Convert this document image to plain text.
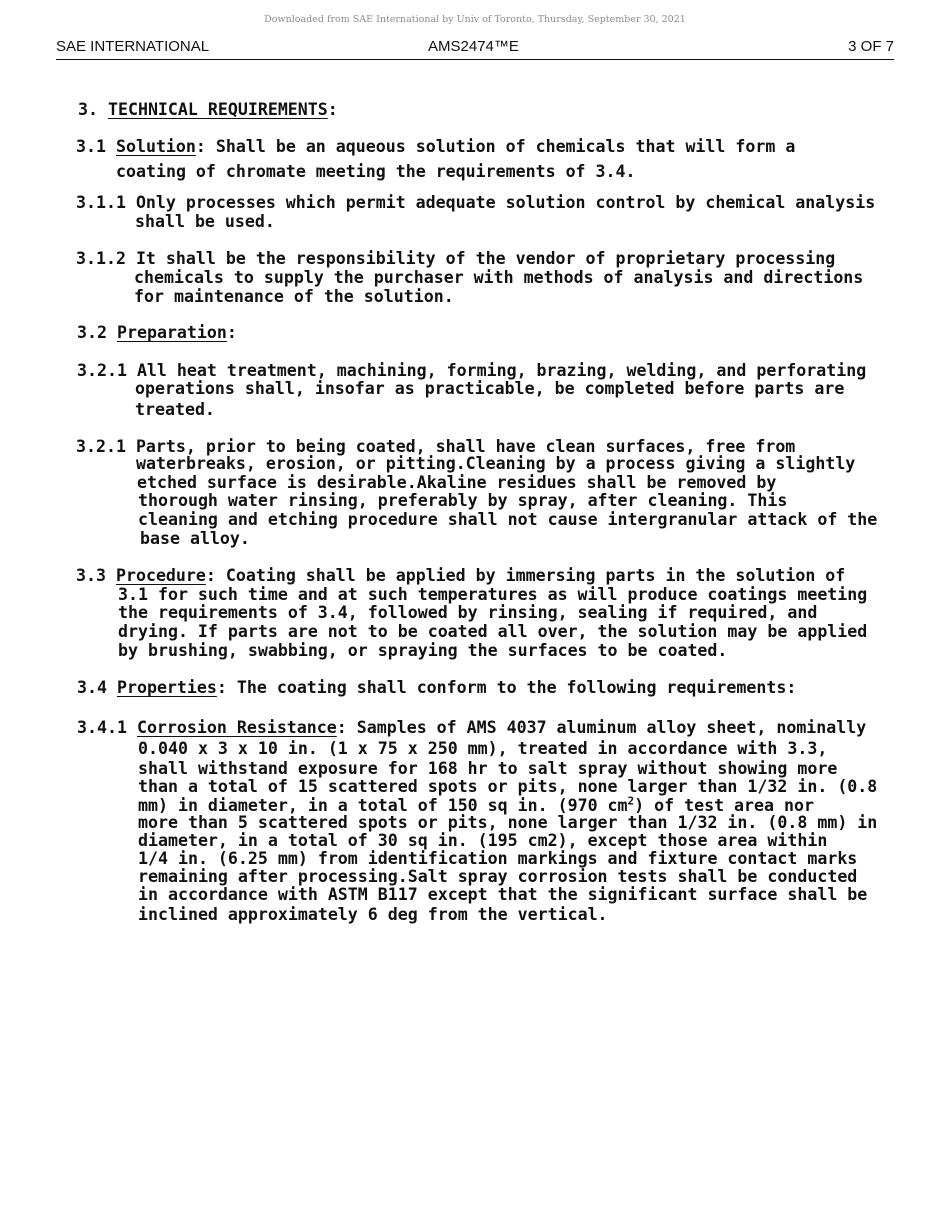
Downloaded from SAE International by Univ of Toronto, Thursday, September 30, 2021
SAE INTERNATIONAL	AMS2474™E	3 OF 7
3. TECHNICAL REQUIREMENTS:
3.1 Solution: Shall be an aqueous solution of chemicals that will form a
coating of chromate meeting the requirements of 3.4.
3.1.1 Only processes which permit adequate solution control by chemical analysis
shall be used.
3.1.2 It shall be the responsibility of the vendor of proprietary processing
chemicals to supply the purchaser with methods of analysis and directions
for maintenance of the solution.
3.2 Preparation:
3.2.1 All heat treatment, machining, forming, brazing, welding, and perforating
operations shall, insofar as practicable, be completed before parts are
treated.
3.2.1 Parts, prior to being coated, shall have clean surfaces, free from
waterbreaks, erosion, or pitting.Cleaning by a process giving a slightly
etched surface is desirable.Akaline residues shall be removed by
thorough water rinsing, preferably by spray, after cleaning. This
cleaning and etching procedure shall not cause intergranular attack of the
base alloy.
3.3 Procedure: Coating shall be applied by immersing parts in the solution of
3.1 for such time and at such temperatures as will produce coatings meeting
the requirements of 3.4, followed by rinsing, sealing if required, and
drying. If parts are not to be coated all over, the solution may be applied
by brushing, swabbing, or spraying the surfaces to be coated.
3.4 Properties: The coating shall conform to the following requirements:
3.4.1 Corrosion Resistance: Samples of AMS 4037 aluminum alloy sheet, nominally
0.040 x 3 x 10 in. (1 x 75 x 250 mm), treated in accordance with 3.3,
shall withstand exposure for 168 hr to salt spray without showing more
than a total of 15 scattered spots or pits, none larger than 1/32 in. (0.8
mm) in diameter, in a total of 150 sq in. (970 $cm^2$) of test area nor
more than 5 scattered spots or pits, none larger than 1/32 in. (0.8 mm) in
diameter, in a total of 30 sq in. (195 cm2), except those area within
1/4 in. (6.25 mm) from identification markings and fixture contact marks
remaining after processing.Salt spray corrosion tests shall be conducted
in accordance with ASTM B117 except that the significant surface shall be
inclined approximately 6 deg from the vertical.
